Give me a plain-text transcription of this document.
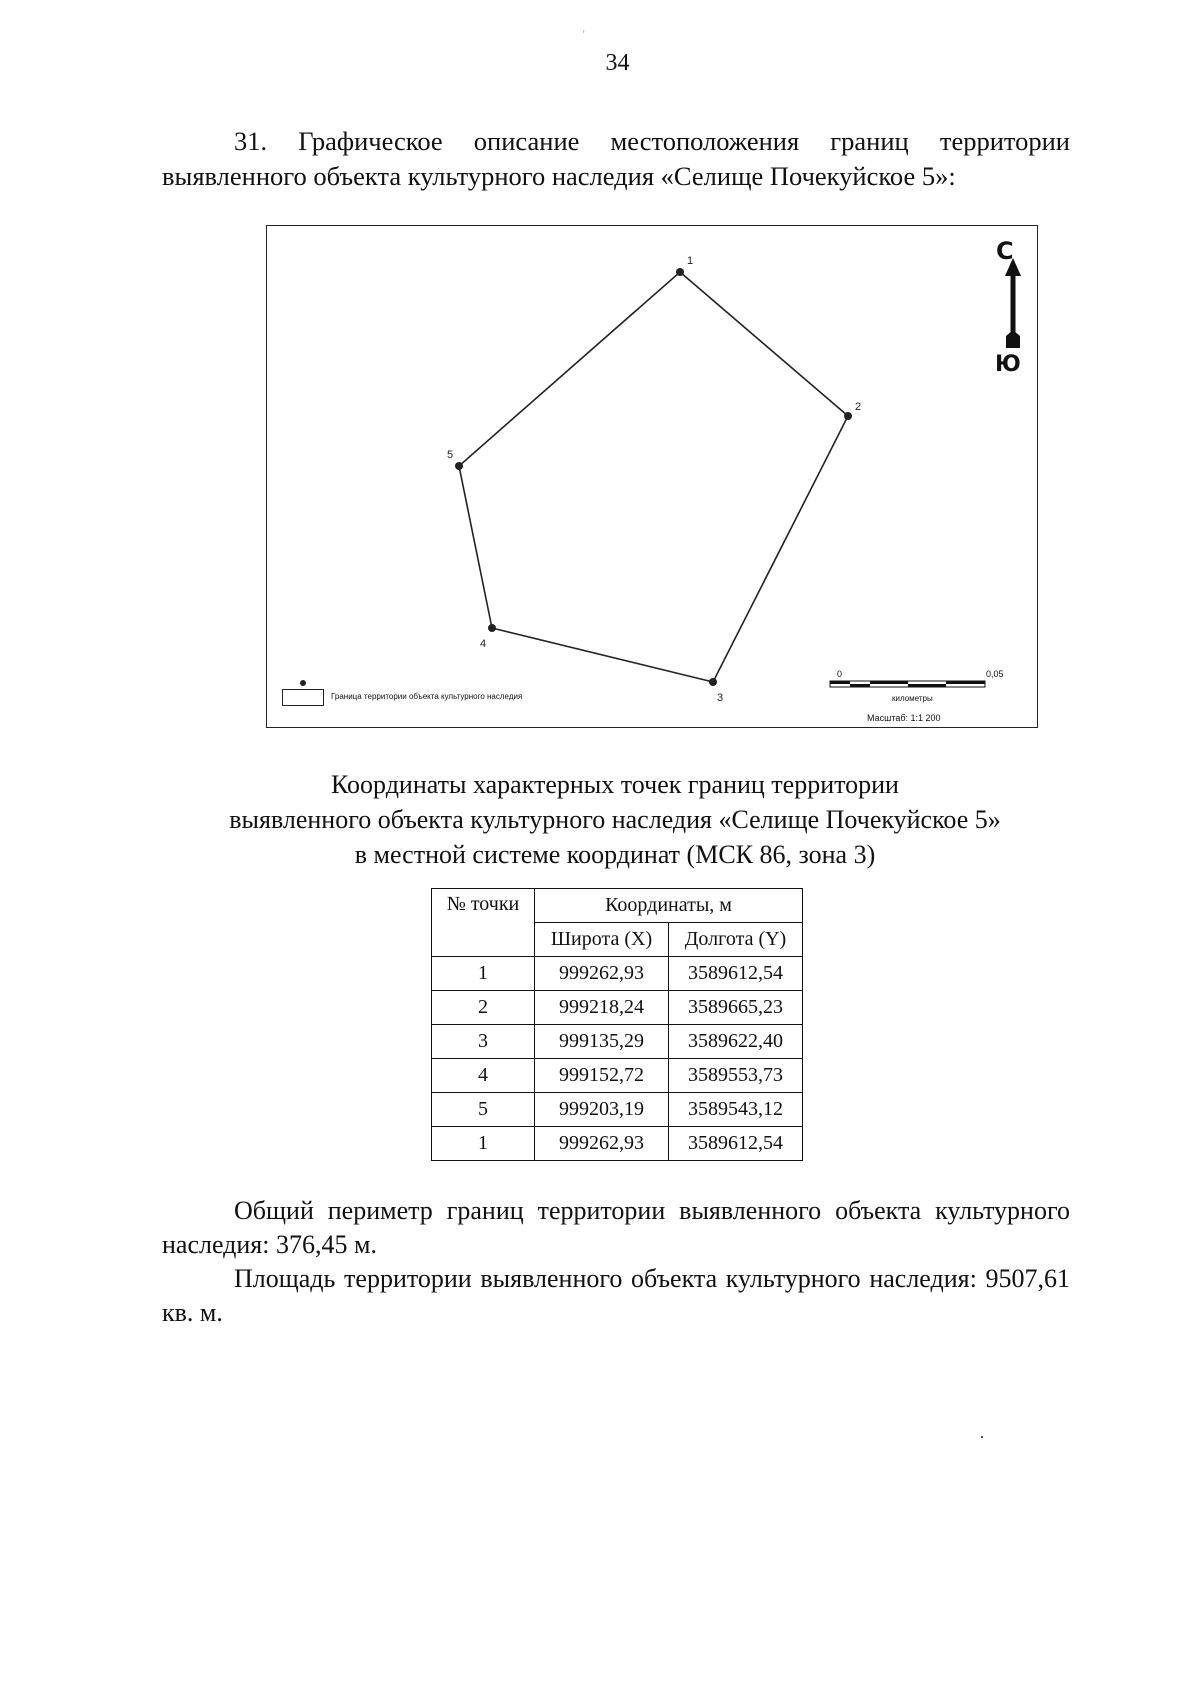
ʾ
34
31. Графическое описание местоположения границ территории выявленного объекта культурного наследия «Селище Почекуйское 5»:
1
2
3
4
5
Граница территории объекта культурного наследия
0	0,05
километры
Масштаб: 1:1 200
С
Ю
Координаты характерных точек границ территории
выявленного объекта культурного наследия «Селище Почекуйское 5»
в местной системе координат (МСК 86, зона 3)
№ точки	Координаты, м	
	Широта (X)	Долгота (Y)
1	999262,93	3589612,54
2	999218,24	3589665,23
3	999135,29	3589622,40
4	999152,72	3589553,73
5	999203,19	3589543,12
1	999262,93	3589612,54
Общий периметр границ территории выявленного объекта культурного наследия: 376,45 м.
Площадь территории выявленного объекта культурного наследия: 9507,61 кв. м.
